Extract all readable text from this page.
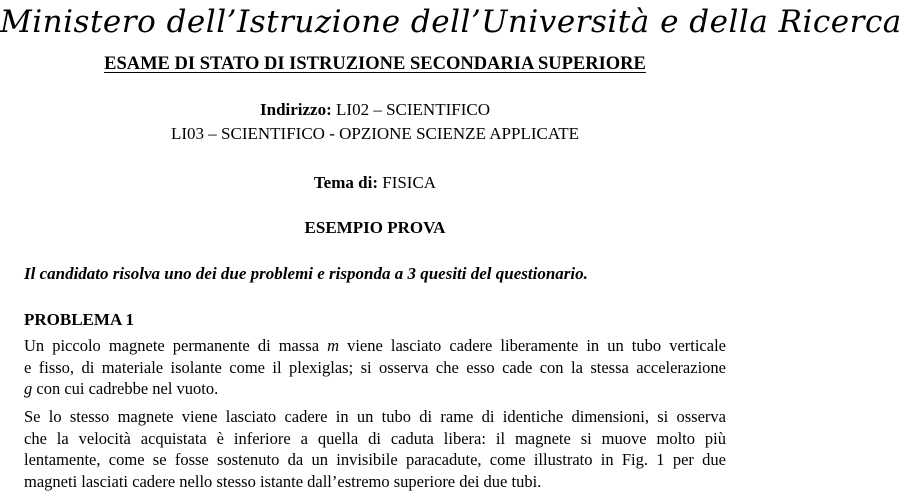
Ministero dell’Istruzione dell’Università e della Ricerca
ESAME DI STATO DI ISTRUZIONE SECONDARIA SUPERIORE
Indirizzo: LI02 – SCIENTIFICO
LI03 – SCIENTIFICO - OPZIONE SCIENZE APPLICATE
Tema di: FISICA
ESEMPIO PROVA
Il candidato risolva uno dei due problemi e risponda a 3 quesiti del questionario.
PROBLEMA 1
Un piccolo magnete permanente di massa m viene lasciato cadere liberamente in un tubo verticale
e fisso, di materiale isolante come il plexiglas; si osserva che esso cade con la stessa accelerazione
g con cui cadrebbe nel vuoto.
Se lo stesso magnete viene lasciato cadere in un tubo di rame di identiche dimensioni, si osserva
che la velocità acquistata è inferiore a quella di caduta libera: il magnete si muove molto più
lentamente, come se fosse sostenuto da un invisibile paracadute, come illustrato in Fig. 1 per due
magneti lasciati cadere nello stesso istante dall’estremo superiore dei due tubi.
